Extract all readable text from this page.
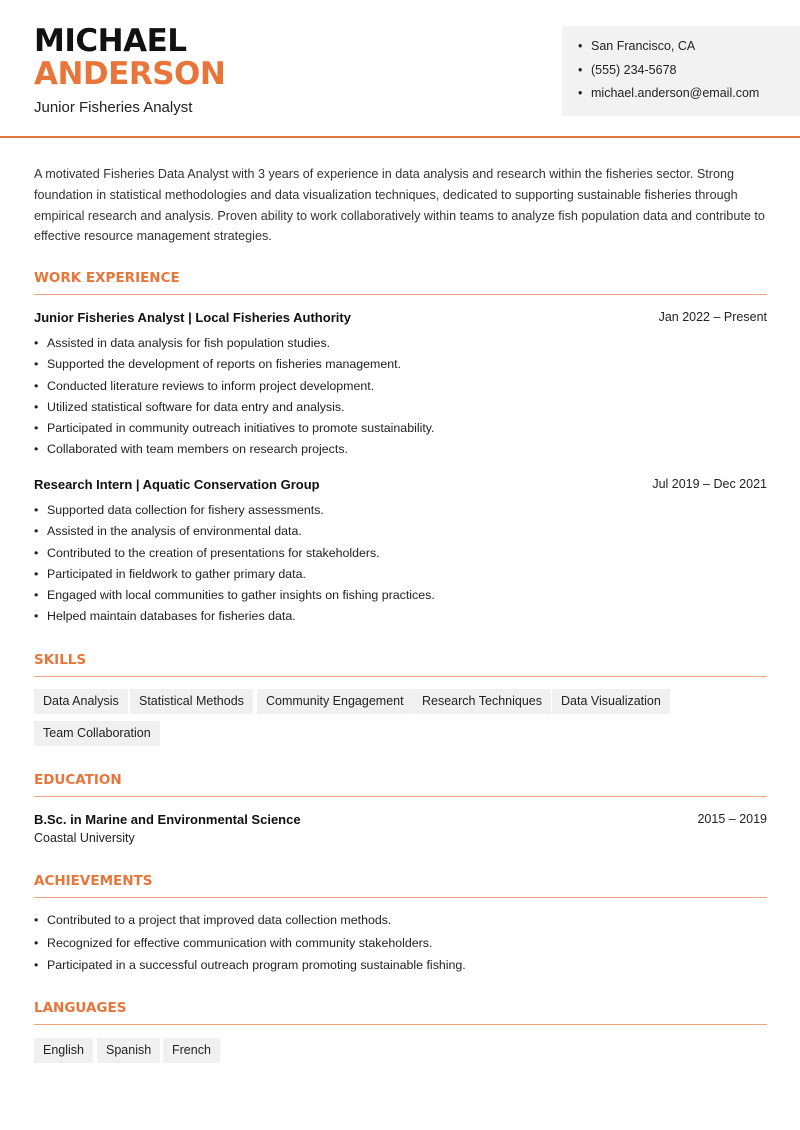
MICHAEL
ANDERSON
Junior Fisheries Analyst
•
San Francisco, CA
•
(555) 234-5678
•
michael.anderson@email.com
A motivated Fisheries Data Analyst with 3 years of experience in data analysis and research within the fisheries sector. Strong foundation in statistical methodologies and data visualization techniques, dedicated to supporting sustainable fisheries through empirical research and analysis. Proven ability to work collaboratively within teams to analyze fish population data and contribute to effective resource management strategies.
WORK EXPERIENCE
Junior Fisheries Analyst | Local Fisheries Authority	Jan 2022 – Present
•
Assisted in data analysis for fish population studies.
•
Supported the development of reports on fisheries management.
•
Conducted literature reviews to inform project development.
•
Utilized statistical software for data entry and analysis.
•
Participated in community outreach initiatives to promote sustainability.
•
Collaborated with team members on research projects.
Research Intern | Aquatic Conservation Group	Jul 2019 – Dec 2021
•
Supported data collection for fishery assessments.
•
Assisted in the analysis of environmental data.
•
Contributed to the creation of presentations for stakeholders.
•
Participated in fieldwork to gather primary data.
•
Engaged with local communities to gather insights on fishing practices.
•
Helped maintain databases for fisheries data.
SKILLS
Data Analysis	Statistical Methods	Community Engagement	Research Techniques	Data Visualization
Team Collaboration
EDUCATION
B.Sc. in Marine and Environmental Science	2015 – 2019
Coastal University
ACHIEVEMENTS
•
Contributed to a project that improved data collection methods.
•
Recognized for effective communication with community stakeholders.
•
Participated in a successful outreach program promoting sustainable fishing.
LANGUAGES
English	Spanish	French
